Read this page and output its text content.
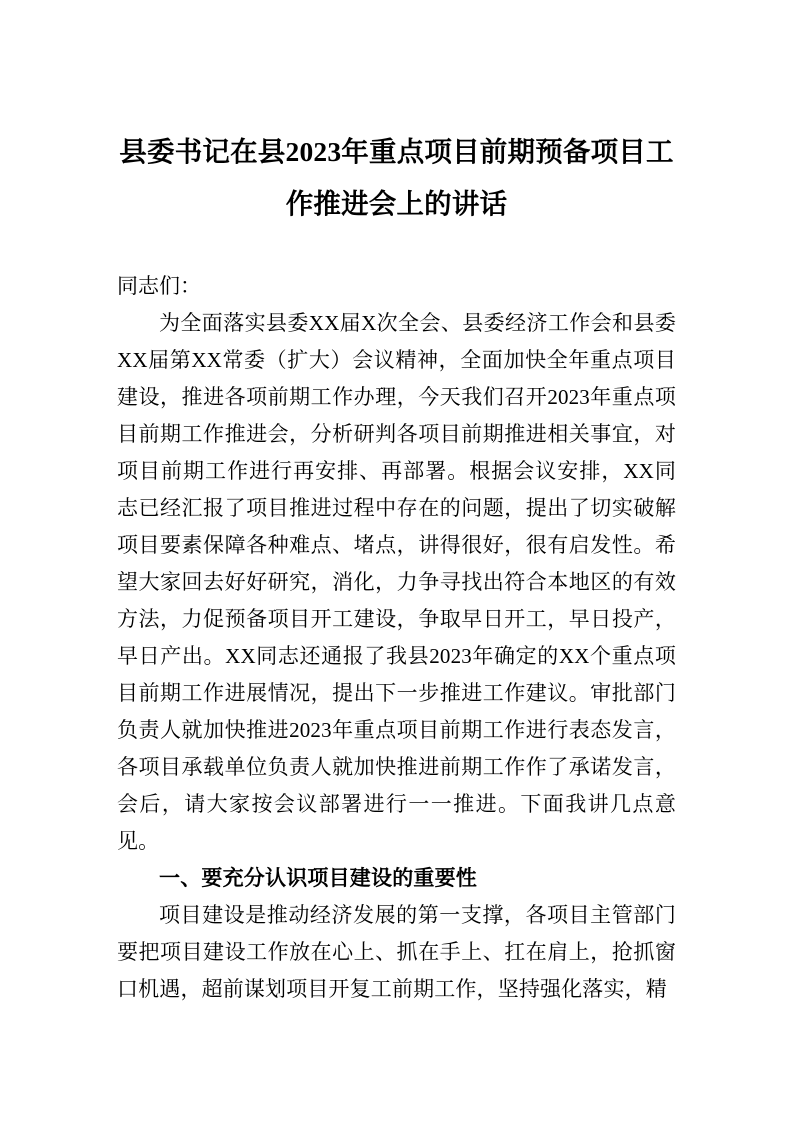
县委书记在县2023年重点项目前期预备项目工作推进会上的讲话

同志们：

为全面落实县委XX届X次全会、县委经济工作会和县委XX届第XX常委（扩大）会议精神，全面加快全年重点项目建设，推进各项前期工作办理，今天我们召开2023年重点项目前期工作推进会，分析研判各项目前期推进相关事宜，对项目前期工作进行再安排、再部署。根据会议安排，XX同志已经汇报了项目推进过程中存在的问题，提出了切实破解项目要素保障各种难点、堵点，讲得很好，很有启发性。希望大家回去好好研究，消化，力争寻找出符合本地区的有效方法，力促预备项目开工建设，争取早日开工，早日投产，早日产出。XX同志还通报了我县2023年确定的XX个重点项目前期工作进展情况，提出下一步推进工作建议。审批部门负责人就加快推进2023年重点项目前期工作进行表态发言，各项目承载单位负责人就加快推进前期工作作了承诺发言，会后，请大家按会议部署进行一一推进。下面我讲几点意见。

一、要充分认识项目建设的重要性

项目建设是推动经济发展的第一支撑，各项目主管部门要把项目建设工作放在心上、抓在手上、扛在肩上，抢抓窗口机遇，超前谋划项目开复工前期工作，坚持强化落实，精
